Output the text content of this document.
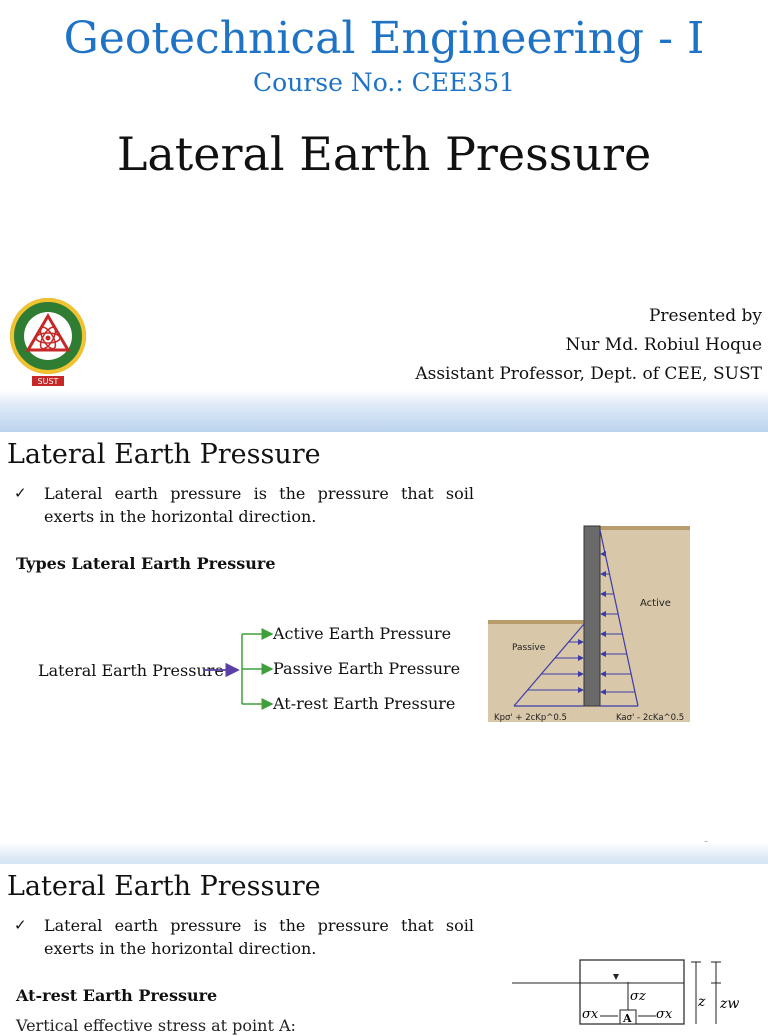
Geotechnical Engineering - I
Course No.: CEE351
Lateral Earth Pressure
SUST
Presented by
Nur Md. Robiul Hoque
Assistant Professor, Dept. of CEE, SUST
Lateral Earth Pressure
✓ Lateral earth pressure is the pressure that soil exerts in the horizontal direction.
Types Lateral Earth Pressure
Lateral Earth Pressure
Active Earth Pressure
Passive Earth Pressure
At-rest Earth Pressure
Active
Passive
Kpσ' + 2cKp^0.5	Kaσ' - 2cKa^0.5
Lateral Earth Pressure
✓ Lateral earth pressure is the pressure that soil exerts in the horizontal direction.
At-rest Earth Pressure
Vertical effective stress at point A:
σz
σx	σx
A
z zw
